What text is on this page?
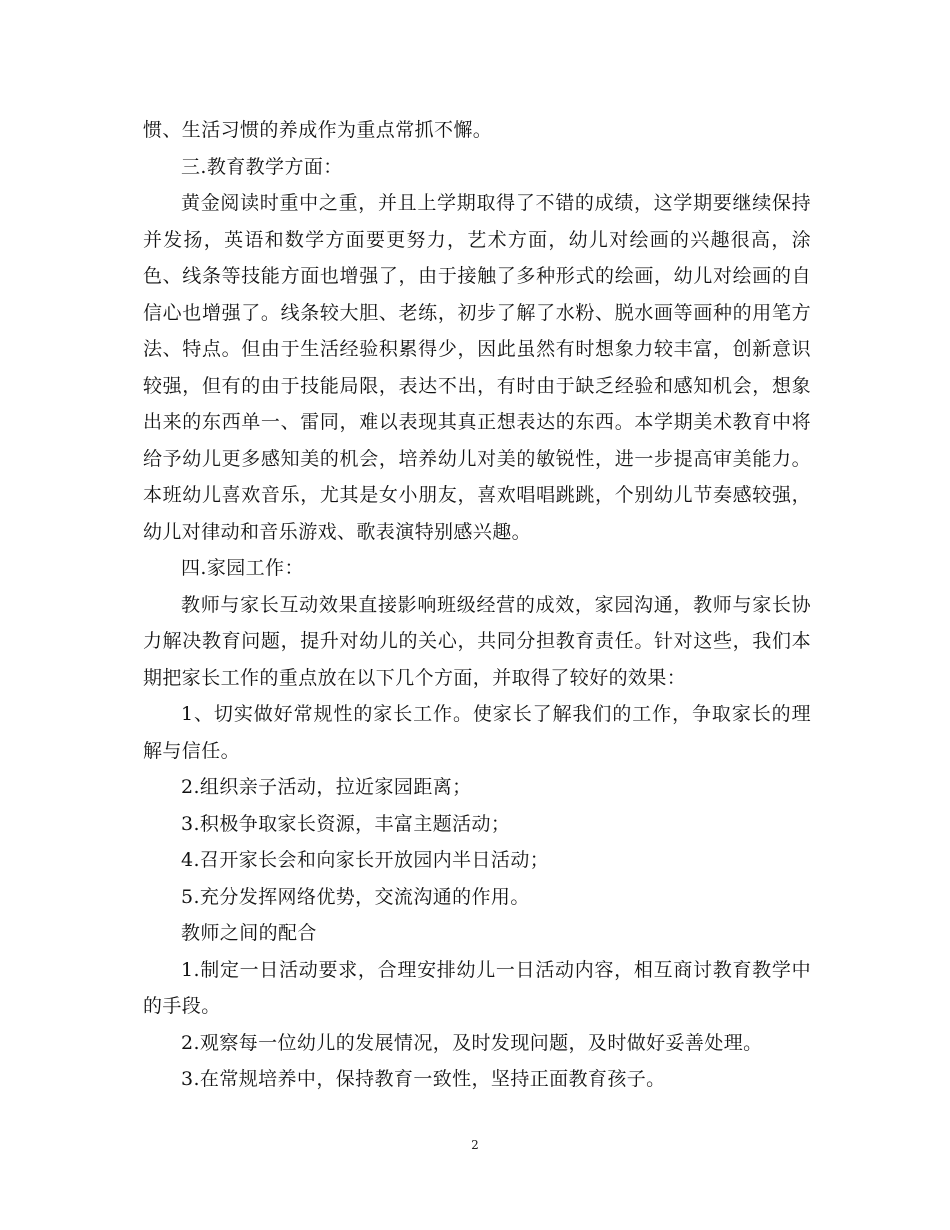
惯、生活习惯的养成作为重点常抓不懈。

三.教育教学方面：

黄金阅读时重中之重，并且上学期取得了不错的成绩，这学期要继续保持并发扬，英语和数学方面要更努力，艺术方面，幼儿对绘画的兴趣很高，涂色、线条等技能方面也增强了，由于接触了多种形式的绘画，幼儿对绘画的自信心也增强了。线条较大胆、老练，初步了解了水粉、脱水画等画种的用笔方法、特点。但由于生活经验积累得少，因此虽然有时想象力较丰富，创新意识较强，但有的由于技能局限，表达不出，有时由于缺乏经验和感知机会，想象出来的东西单一、雷同，难以表现其真正想表达的东西。本学期美术教育中将给予幼儿更多感知美的机会，培养幼儿对美的敏锐性，进一步提高审美能力。本班幼儿喜欢音乐，尤其是女小朋友，喜欢唱唱跳跳，个别幼儿节奏感较强，幼儿对律动和音乐游戏、歌表演特别感兴趣。

四.家园工作：

教师与家长互动效果直接影响班级经营的成效，家园沟通，教师与家长协力解决教育问题，提升对幼儿的关心，共同分担教育责任。针对这些，我们本期把家长工作的重点放在以下几个方面，并取得了较好的效果：

1、切实做好常规性的家长工作。使家长了解我们的工作，争取家长的理解与信任。

2.组织亲子活动，拉近家园距离；

3.积极争取家长资源，丰富主题活动；

4.召开家长会和向家长开放园内半日活动；

5.充分发挥网络优势，交流沟通的作用。

教师之间的配合

1.制定一日活动要求，合理安排幼儿一日活动内容，相互商讨教育教学中的手段。

2.观察每一位幼儿的发展情况，及时发现问题，及时做好妥善处理。

3.在常规培养中，保持教育一致性，坚持正面教育孩子。

2
